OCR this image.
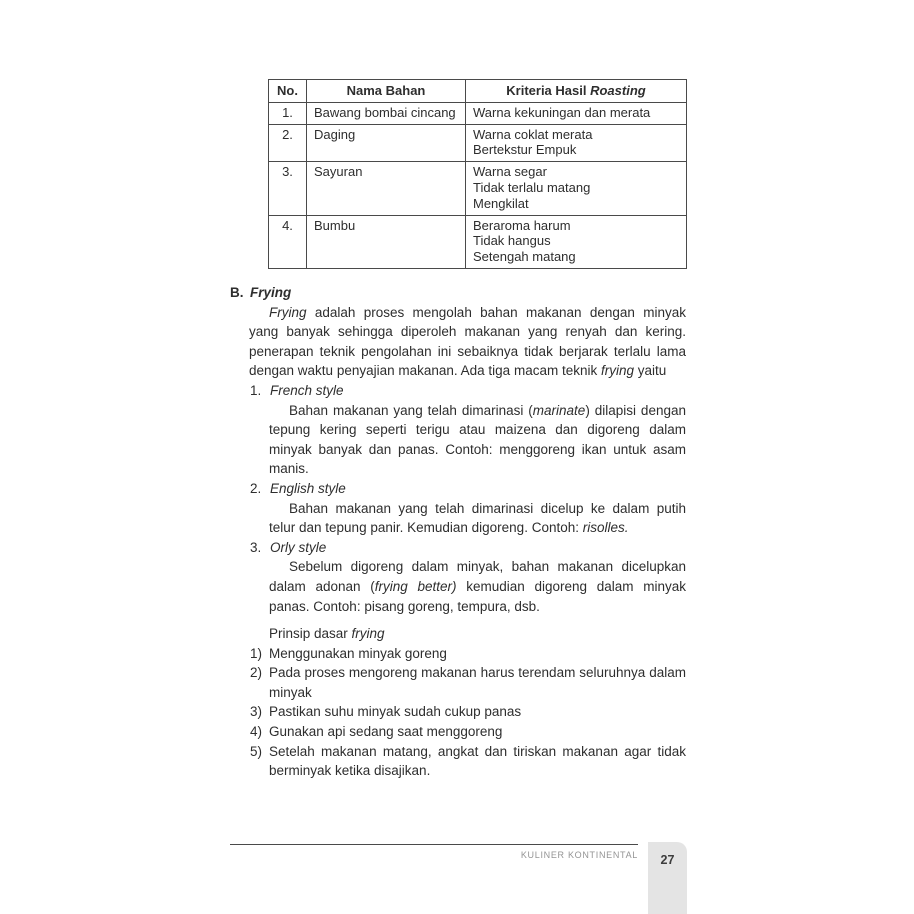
No.	Nama Bahan	Kriteria Hasil Roasting
1.	Bawang bombai cincang	Warna kekuningan dan merata

2.	Daging	Warna coklat merata
Bertekstur Empuk

3.	Sayuran	Warna segar
Tidak terlalu matang
Mengkilat

4.	Bumbu	Beraroma harum
Tidak hangus
Setengah matang
B. Frying
Frying adalah proses mengolah bahan makanan dengan minyak yang banyak sehingga diperoleh makanan yang renyah dan kering. penerapan teknik pengolahan ini sebaiknya tidak berjarak terlalu lama dengan waktu penyajian makanan. Ada tiga macam teknik frying yaitu
1. French style
Bahan makanan yang telah dimarinasi (marinate) dilapisi dengan tepung kering seperti terigu atau maizena dan digoreng dalam minyak banyak dan panas. Contoh: menggoreng ikan untuk asam manis.
2. English style
Bahan makanan yang telah dimarinasi dicelup ke dalam putih telur dan tepung panir. Kemudian digoreng. Contoh: risolles.
3. Orly style
Sebelum digoreng dalam minyak, bahan makanan dicelupkan dalam adonan (frying better) kemudian digoreng dalam minyak panas. Contoh: pisang goreng, tempura, dsb.
Prinsip dasar frying
1) Menggunakan minyak goreng
2) Pada proses mengoreng makanan harus terendam seluruhnya dalam minyak
3) Pastikan suhu minyak sudah cukup panas
4) Gunakan api sedang saat menggoreng
5) Setelah makanan matang, angkat dan tiriskan makanan agar tidak berminyak ketika disajikan.
KULINER KONTINENTAL	27
